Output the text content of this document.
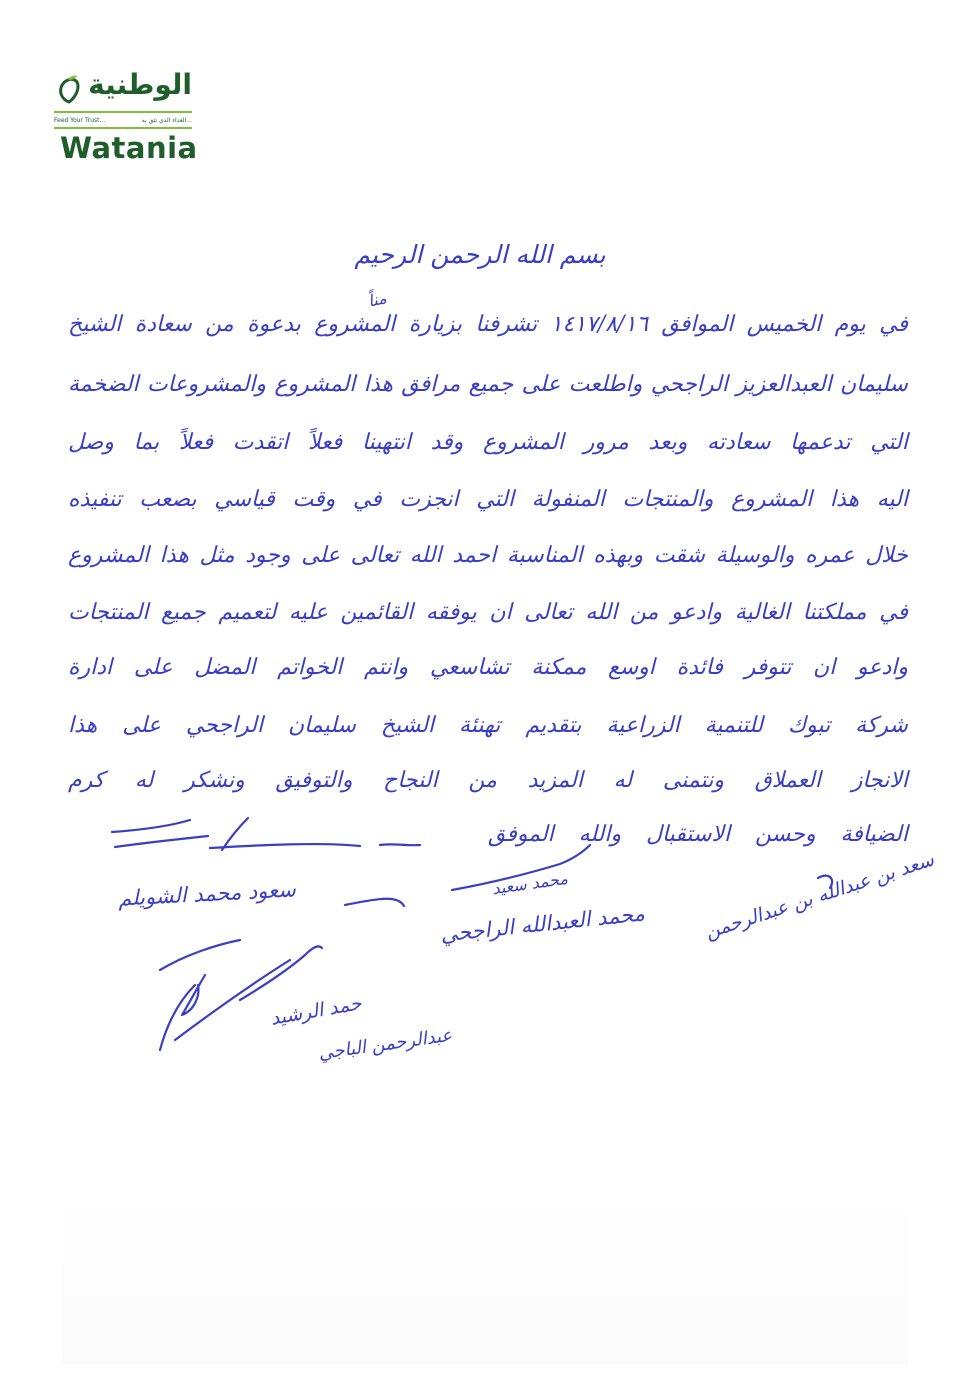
الوطنية
Feed Your Trust...	الغذاء الذي تثق به...
Watania
بسم الله الرحمن الرحيم
مناً
في يوم الخميس الموافق ١٤١٧/٨/١٦ تشرفنا بزيارة المشروع بدعوة من سعادة الشيخ
سليمان العبدالعزيز الراجحي واطلعت على جميع مرافق هذا المشروع والمشروعات الضخمة
التي تدعمها سعادته وبعد مرور المشروع وقد انتهينا فعلاً اتقدت فعلاً بما وصل
اليه هذا المشروع والمنتجات المنفولة التي انجزت في وقت قياسي بصعب تنفيذه
خلال عمره والوسيلة شقت وبهذه المناسبة احمد الله تعالى على وجود مثل هذا المشروع
في مملكتنا الغالية وادعو من الله تعالى ان يوفقه القائمين عليه لتعميم جميع المنتجات
وادعو ان تتوفر فائدة اوسع ممكنة تشاسعي وانتم الخواتم المضل على ادارة
شركة تبوك للتنمية الزراعية بتقديم تهنئة الشيخ سليمان الراجحي على هذا
الانجاز العملاق ونتمنى له المزيد من النجاح والتوفيق ونشكر له كرم
الضيافة وحسن الاستقبال والله الموفق
سعود محمد الشويلم
محمد العبدالله الراجحي	سعد بن عبدالله بن عبدالرحمن
حمد الرشيد
عبدالرحمن الباجي
محمد سعيد
